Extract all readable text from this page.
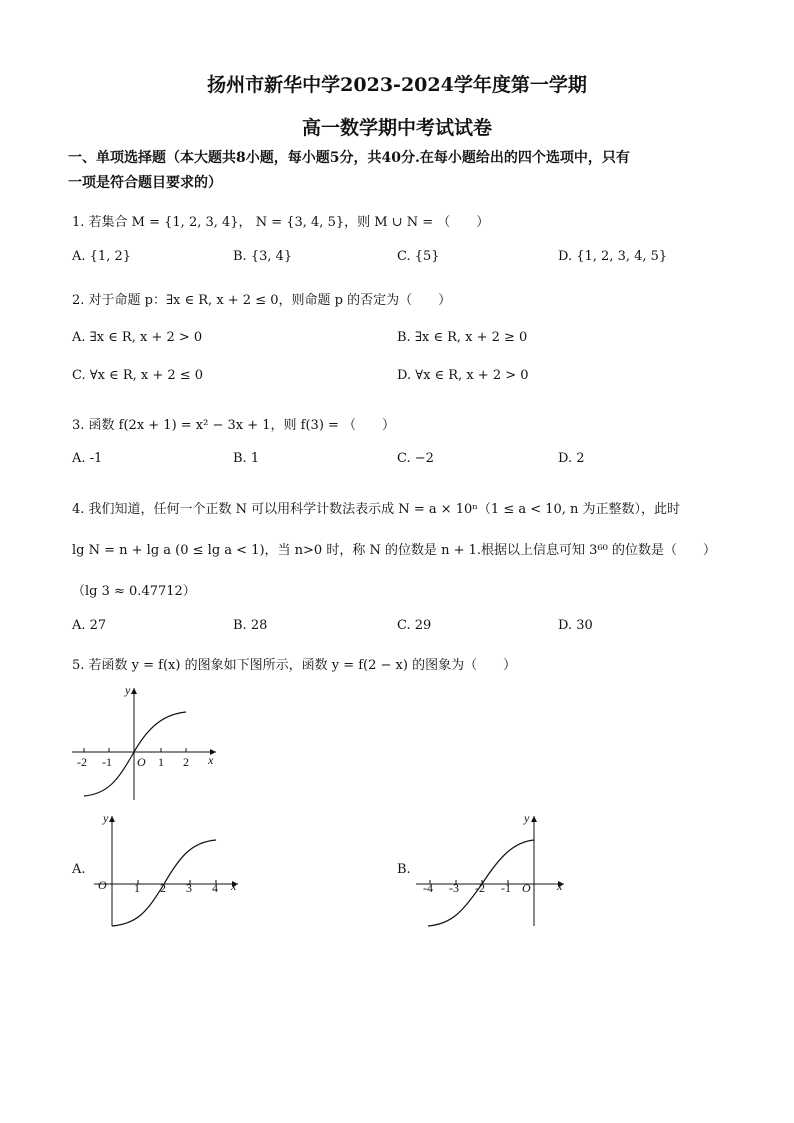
扬州市新华中学2023-2024学年度第一学期
高一数学期中考试试卷
一、单项选择题（本大题共8小题，每小题5分，共40分.在每小题给出的四个选项中，只有
一项是符合题目要求的）
1. 若集合 M = {1, 2, 3, 4}， N = {3, 4, 5}，则 M ∪ N = （　　）
A. {1, 2}	B. {3, 4}	C. {5}	D. {1, 2, 3, 4, 5}
2. 对于命题 p：∃x ∈ R, x + 2 ≤ 0，则命题 p 的否定为（　　）
A. ∃x ∈ R, x + 2 > 0	B. ∃x ∈ R, x + 2 ≥ 0
C. ∀x ∈ R, x + 2 ≤ 0	D. ∀x ∈ R, x + 2 > 0
3. 函数 f(2x + 1) = x² − 3x + 1，则 f(3) = （　　）
A. -1	B. 1	C. −2	D. 2
4. 我们知道，任何一个正数 N 可以用科学计数法表示成 N = a × 10ⁿ（1 ≤ a < 10, n 为正整数），此时
lg N = n + lg a (0 ≤ lg a < 1)，当 n>0 时，称 N 的位数是 n + 1.根据以上信息可知 3⁶⁰ 的位数是（　　）
（lg 3 ≈ 0.47712）
A. 27	B. 28	C. 29	D. 30
5. 若函数 y = f(x) 的图象如下图所示，函数 y = f(2 − x) 的图象为（　　）
-2 -1 O 1 2 x
y
A.
O 1 2 3 4 x
y
B.
-4 -3 -2 -1 O x
y
